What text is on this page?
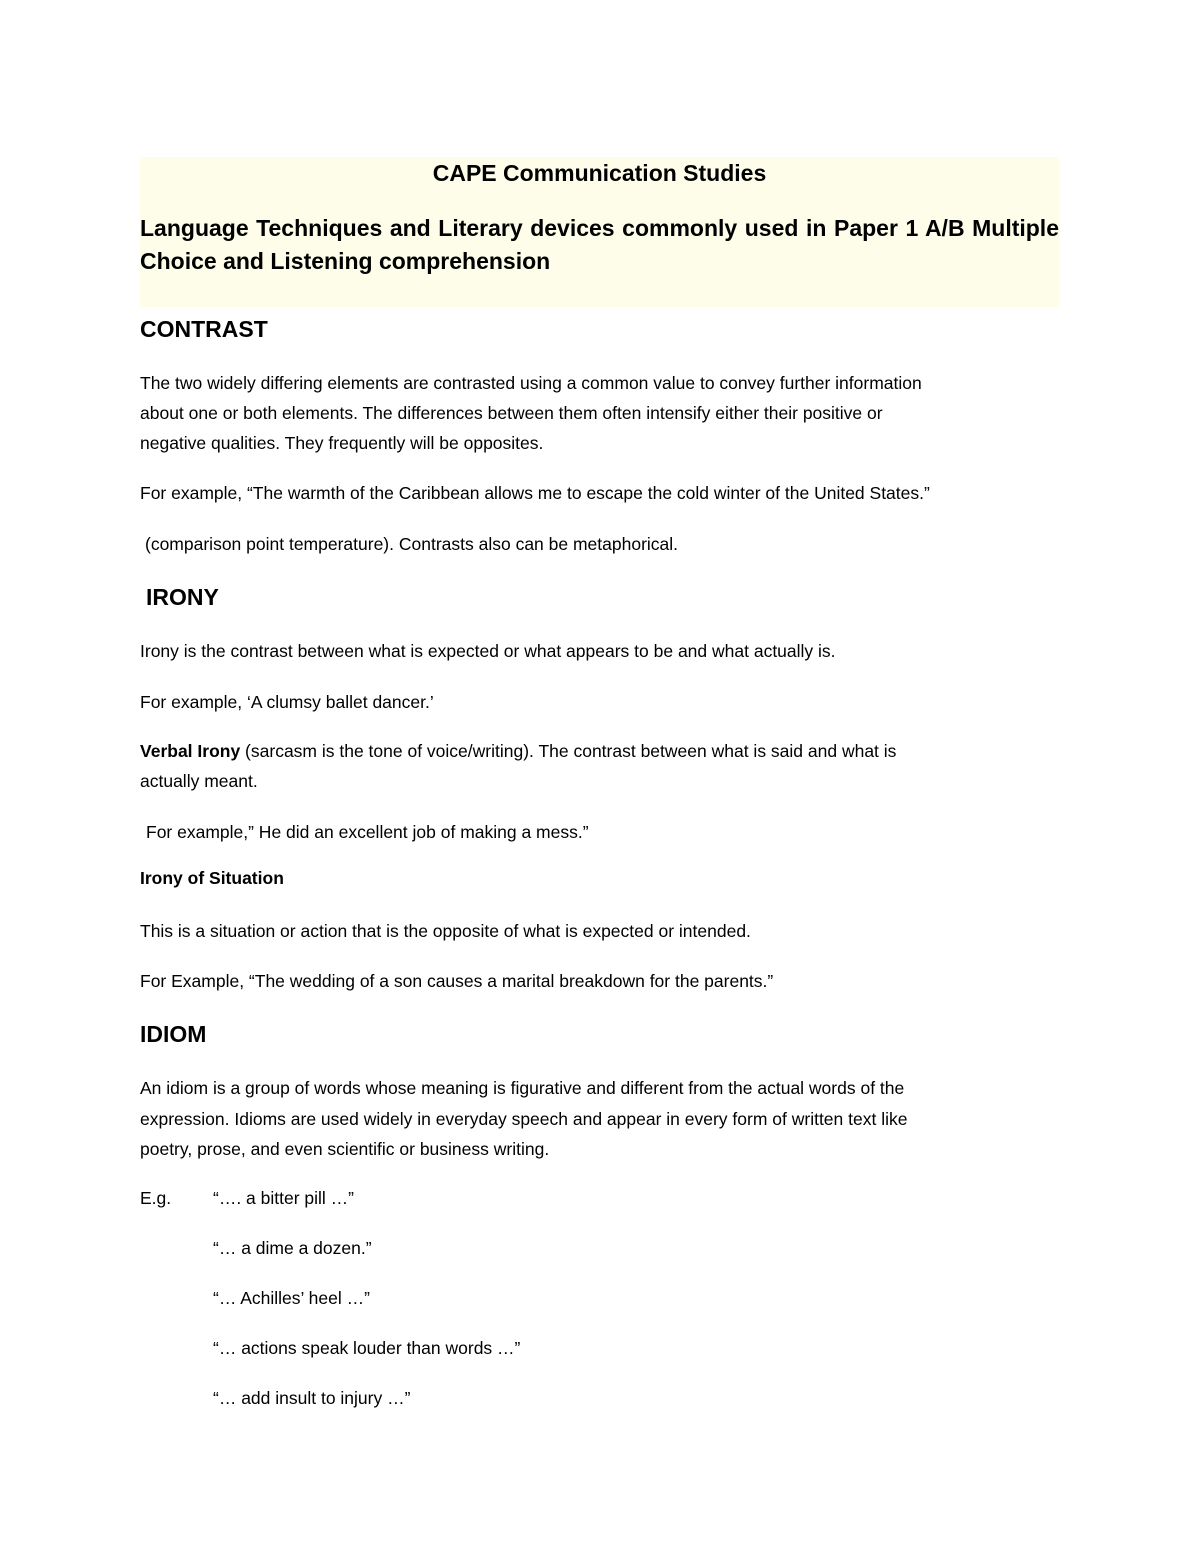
CAPE Communication Studies

Language Techniques and Literary devices commonly used in Paper 1 A/B Multiple Choice and Listening comprehension

CONTRAST

The two widely differing elements are contrasted using a common value to convey further information

about one or both elements. The differences between them often intensify either their positive or

negative qualities. They frequently will be opposites.

For example, “The warmth of the Caribbean allows me to escape the cold winter of the United States.”

(comparison point temperature). Contrasts also can be metaphorical.

IRONY

Irony is the contrast between what is expected or what appears to be and what actually is.

For example, ‘A clumsy ballet dancer.’

Verbal Irony (sarcasm is the tone of voice/writing). The contrast between what is said and what is

actually meant.

For example,” He did an excellent job of making a mess.”

Irony of Situation

This is a situation or action that is the opposite of what is expected or intended.

For Example, “The wedding of a son causes a marital breakdown for the parents.”

IDIOM

An idiom is a group of words whose meaning is figurative and different from the actual words of the

expression. Idioms are used widely in everyday speech and appear in every form of written text like

poetry, prose, and even scientific or business writing.

E.g. “…. a bitter pill …”
“… a dime a dozen.”
“… Achilles’ heel …”
“… actions speak louder than words …”
“… add insult to injury …”
